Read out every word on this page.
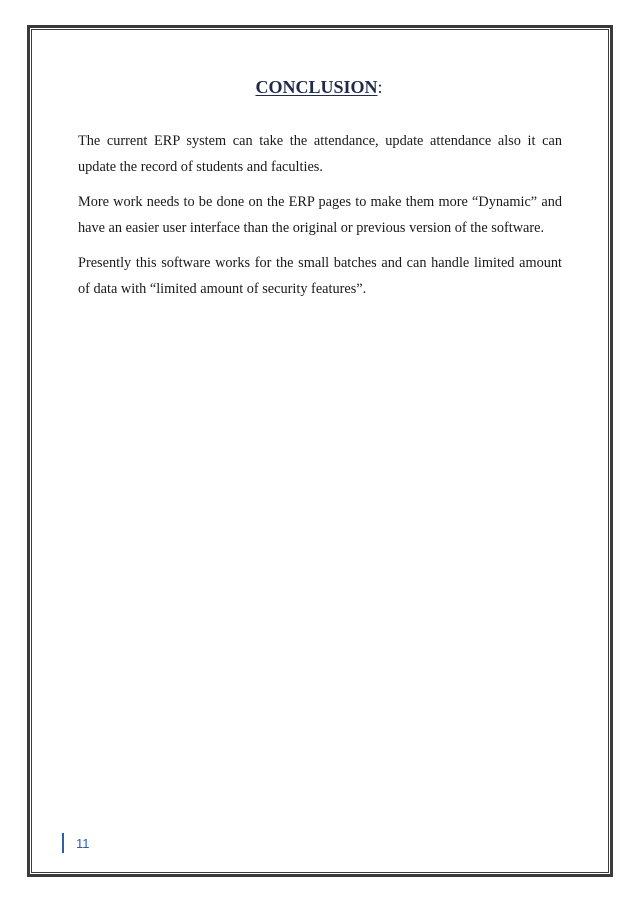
CONCLUSION:

The current ERP system can take the attendance, update attendance also it can update the record of students and faculties.

More work needs to be done on the ERP pages to make them more “Dynamic” and have an easier user interface than the original or previous version of the software.

Presently this software works for the small batches and can handle limited amount of data with “limited amount of security features”.

11
